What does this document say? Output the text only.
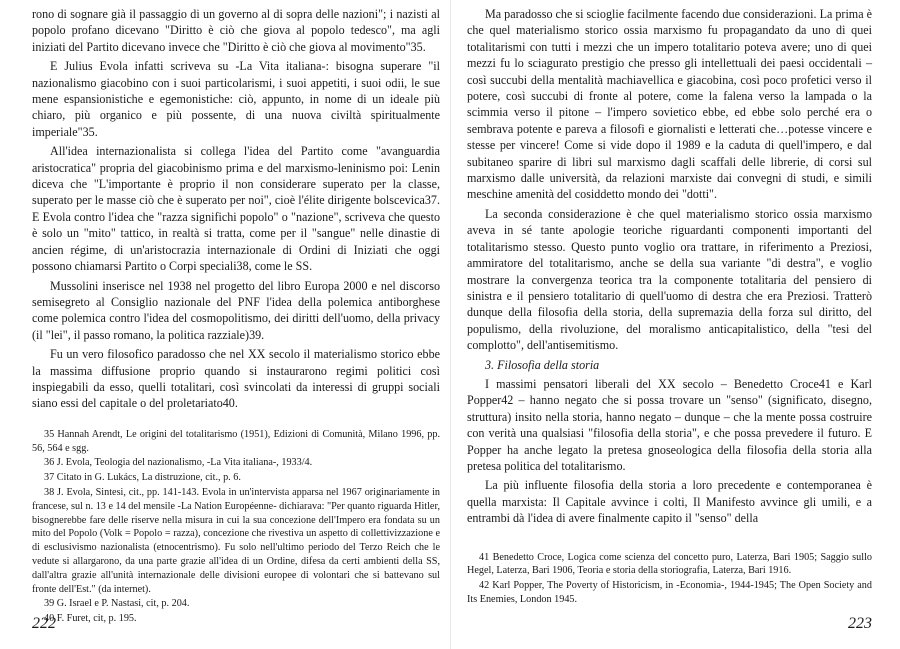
rono di sognare già il passaggio di un governo al di sopra delle nazioni"; i nazisti al popolo profano dicevano "Diritto è ciò che giova al popolo tedesco", ma agli iniziati del Partito dicevano invece che "Diritto è ciò che giova al movimento"35.

E Julius Evola infatti scriveva su -La Vita italiana-: bisogna superare "il nazionalismo giacobino con i suoi particolarismi, i suoi appetiti, i suoi odii, le sue mene espansionistiche e egemonistiche: ciò, appunto, in nome di un ideale più chiaro, più organico e più possente, di una nuova civiltà spiritualmente imperiale"35.

All'idea internazionalista si collega l'idea del Partito come "avanguardia aristocratica" propria del giacobinismo prima e del marxismo-leninismo poi: Lenin diceva che "L'importante è proprio il non considerare superato per la classe, superato per le masse ciò che è superato per noi", cioè l'élite dirigente bolscevica37. E Evola contro l'idea che "razza significhi popolo" o "nazione", scriveva che questo è solo un "mito" tattico, in realtà si tratta, come per il "sangue" nelle dinastie di ancien régime, di un'aristocrazia internazionale di Ordini di Iniziati che oggi possono chiamarsi Partito o Corpi speciali38, come le SS.

Mussolini inserisce nel 1938 nel progetto del libro Europa 2000 e nel discorso semisegreto al Consiglio nazionale del PNF l'idea della polemica antiborghese come polemica contro l'idea del cosmopolitismo, dei diritti dell'uomo, della privacy (il "lei", il passo romano, la politica razziale)39.

Fu un vero filosofico paradosso che nel XX secolo il materialismo storico ebbe la massima diffusione proprio quando si instaurarono regimi politici così inspiegabili da esso, quelli totalitari, così svincolati da interessi di gruppi sociali siano essi del capitale o del proletariato40.

35 Hannah Arendt, Le origini del totalitarismo (1951), Edizioni di Comunità, Milano 1996, pp. 56, 564 e sgg.

36 J. Evola, Teologia del nazionalismo, -La Vita italiana-, 1933/4.

37 Citato in G. Lukács, La distruzione, cit., p. 6.

38 J. Evola, Sintesi, cit., pp. 141-143. Evola in un'intervista apparsa nel 1967 originariamente in francese, sul n. 13 e 14 del mensile -La Nation Européenne- dichiarava: "Per quanto riguarda Hitler, bisognerebbe fare delle riserve nella misura in cui la sua concezione dell'Impero era fondata su un mito del Popolo (Volk = Popolo = razza), concezione che rivestiva un aspetto di collettivizzazione e di esclusivismo nazionalista (etnocentrismo). Fu solo nell'ultimo periodo del Terzo Reich che le vedute si allargarono, da una parte grazie all'idea di un Ordine, difesa da certi ambienti della SS, dall'altra grazie all'unità internazionale delle divisioni europee di volontari che si battevano sul fronte dell'Est." (da internet).

39 G. Israel e P. Nastasi, cit, p. 204.

40 F. Furet, cit, p. 195.

222

Ma paradosso che si scioglie facilmente facendo due considerazioni. La prima è che quel materialismo storico ossia marxismo fu propagandato da uno di quei totalitarismi con tutti i mezzi che un impero totalitario poteva avere; uno di quei mezzi fu lo sciagurato prestigio che presso gli intellettuali dei paesi occidentali – così succubi della mentalità machiavellica e giacobina, così poco profetici verso il potere, così succubi di fronte al potere, come la falena verso la lampada o la scimmia verso il pitone – l'impero sovietico ebbe, ed ebbe solo perché era o sembrava potente e pareva a filosofi e giornalisti e letterati che…potesse vincere e stesse per vincere! Come si vide dopo il 1989 e la caduta di quell'impero, e dal subitaneo sparire di libri sul marxismo dagli scaffali delle librerie, di corsi sul marxismo dalle università, da relazioni marxiste dai convegni di studi, e simili meschine amenità del cosiddetto mondo dei "dotti".

La seconda considerazione è che quel materialismo storico ossia marxismo aveva in sé tante apologie teoriche riguardanti componenti importanti del totalitarismo stesso. Questo punto voglio ora trattare, in riferimento a Preziosi, ammiratore del totalitarismo, anche se della sua variante "di destra", e voglio mostrare la convergenza teorica tra la componente totalitaria del pensiero di sinistra e il pensiero totalitario di quell'uomo di destra che era Preziosi. Tratterò dunque della filosofia della storia, della supremazia della forza sul diritto, del populismo, della rivoluzione, del moralismo anticapitalistico, della "tesi del complotto", dell'antisemitismo.

3. Filosofia della storia

I massimi pensatori liberali del XX secolo – Benedetto Croce41 e Karl Popper42 – hanno negato che si possa trovare un "senso" (significato, disegno, struttura) insito nella storia, hanno negato – dunque – che la mente possa costruire con verità una qualsiasi "filosofia della storia", e che possa prevedere il futuro. E Popper ha anche legato la pretesa gnoseologica della filosofia della storia alla pretesa politica del totalitarismo.

La più influente filosofia della storia a loro precedente e contemporanea è quella marxista: Il Capitale avvince i colti, Il Manifesto avvince gli umili, e a entrambi dà l'idea di avere finalmente capito il "senso" della

41 Benedetto Croce, Logica come scienza del concetto puro, Laterza, Bari 1905; Saggio sullo Hegel, Laterza, Bari 1906, Teoria e storia della storiografia, Laterza, Bari 1916.

42 Karl Popper, The Poverty of Historicism, in -Economia-, 1944-1945; The Open Society and Its Enemies, London 1945.

223
